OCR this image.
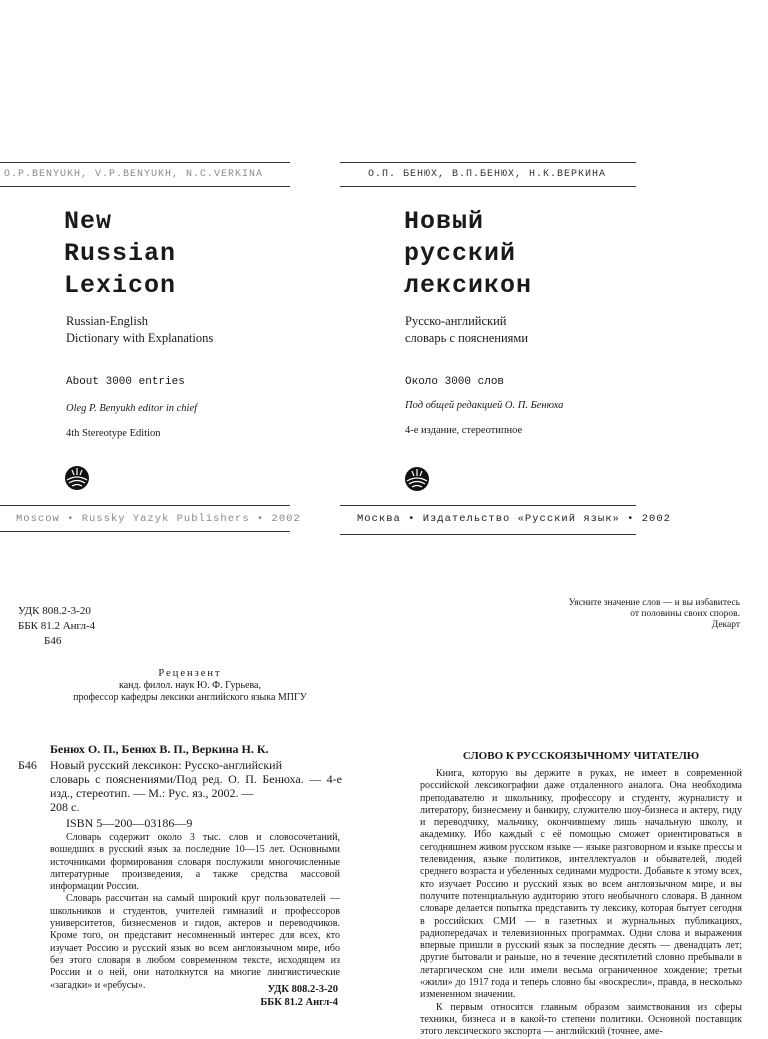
O.P.BENYUKH, V.P.BENYUKH, N.C.VERKINA
New
Russian
Lexicon
Russian-English
Dictionary with Explanations
About 3000 entries
Oleg P. Benyukh editor in chief
4th Stereotype Edition
Moscow • Russky Yazyk Publishers • 2002
О.П. БЕНЮХ, В.П.БЕНЮХ, Н.К.ВЕРКИНА
Новый
русский
лексикон
Русско-английский
словарь с пояснениями
Около 3000 слов
Под общей редакцией О. П. Бенюха
4-е издание, стереотипное
Москва • Издательство «Русский язык» • 2002
УДК 808.2-3-20
ББК 81.2 Англ-4
Б46
Рецензент
канд. филол. наук Ю. Ф. Гурьева,
профессор кафедры лексики английского языка МПГУ
Бенюх О. П., Бенюх В. П., Веркина Н. К.
Б46 Новый русский лексикон: Русско-английский
словарь с пояснениями/Под ред. О. П. Бенюха. — 4-е изд., стереотип. — М.: Рус. яз., 2002. —
208 с.
ISBN 5—200—03186—9

Словарь содержит около 3 тыс. слов и словосочетаний, вошедших в русский язык за последние 10—15 лет. Основными источниками формирования словаря послужили многочисленные литературные произведения, а также средства массовой информации России.

Словарь рассчитан на самый широкий круг пользователей — школьников и студентов, учителей гимназий и профессоров университетов, бизнесменов и гидов, актеров и переводчиков. Кроме того, он представит несомненный интерес для всех, кто изучает Россию и русский язык во всем англоязычном мире, ибо без этого словаря в любом современном тексте, исходящем из России и о ней, они натолкнутся на многие лингвистические «загадки» и «ребусы».	УДК 808.2-3-20
ББК 81.2 Англ-4
Уясните значение слов — и вы избавитесь
от половины своих споров.
Декарт
СЛОВО К РУССКОЯЗЫЧНОМУ ЧИТАТЕЛЮ

Книга, которую вы держите в руках, не имеет в современной российской лексикографии даже отдаленного аналога. Она необходима преподавателю и школьнику, профессору и студенту, журналисту и литератору, бизнесмену и банкиру, служителю шоу-бизнеса и актеру, гиду и переводчику, мальчику, окончившему лишь начальную школу, и академику. Ибо каждый с её помощью сможет ориентироваться в сегодняшнем живом русском языке — языке разговорном и языке прессы и телевидения, языке политиков, интеллектуалов и обывателей, людей среднего возраста и убеленных сединами мудрости. Добавьте к этому всех, кто изучает Россию и русский язык во всем англоязычном мире, и вы получите потенциальную аудиторию этого необычного словаря. В данном словаре делается попытка представить ту лексику, которая бытует сегодня в российских СМИ — в газетных и журнальных публикациях, радиопередачах и телевизионных программах. Одни слова и выражения впервые пришли в русский язык за последние десять — двенадцать лет; другие бытовали и раньше, но в течение десятилетий словно пребывали в летаргическом сне или имели весьма ограниченное хождение; третьи «жили» до 1917 года и теперь словно бы «воскресли», правда, в несколько измененном значении.

К первым относятся главным образом заимствования из сферы техники, бизнеса и в какой-то степени политики. Основной поставщик этого лексического экспорта — английский (точнее, аме-
